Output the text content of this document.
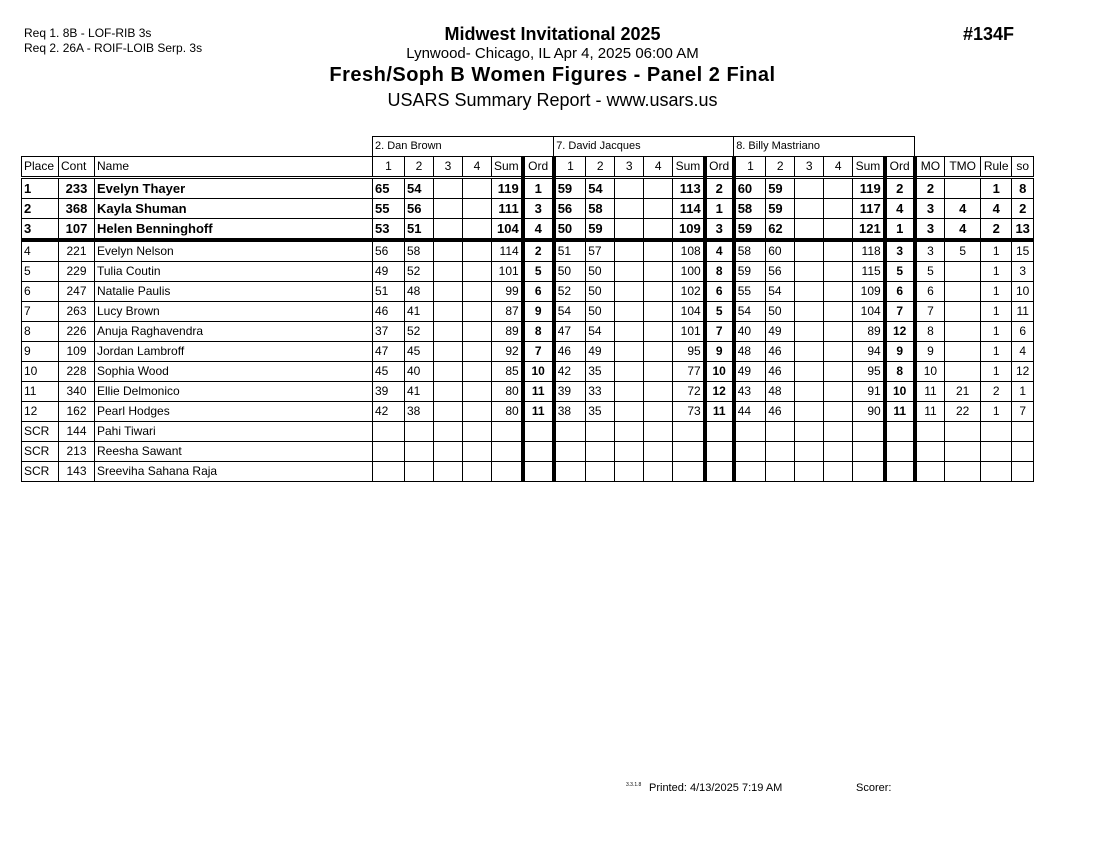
Req 1. 8B - LOF-RIB 3s
Req 2. 26A - ROIF-LOIB Serp. 3s
Midwest Invitational 2025
Lynwood- Chicago, IL Apr 4, 2025 06:00 AM
Fresh/Soph B Women Figures - Panel 2 Final
USARS Summary Report - www.usars.us
#134F
			2. Dan Brown						7. David Jacques						8. Billy Mastriano									
Place	Cont	Name	1	2	3	4	Sum	Ord	1	2	3	4	Sum	Ord	1	2	3	4	Sum	Ord	MO	TMO	Rule	so
1	233	Evelyn Thayer	65	54			119	1	59	54			113	2	60	59			119	2	2		1	8
2	368	Kayla Shuman	55	56			111	3	56	58			114	1	58	59			117	4	3	4	4	2
3	107	Helen Benninghoff	53	51			104	4	50	59			109	3	59	62			121	1	3	4	2	13
4	221	Evelyn Nelson	56	58			114	2	51	57			108	4	58	60			118	3	3	5	1	15
5	229	Tulia Coutin	49	52			101	5	50	50			100	8	59	56			115	5	5		1	3
6	247	Natalie Paulis	51	48			99	6	52	50			102	6	55	54			109	6	6		1	10
7	263	Lucy Brown	46	41			87	9	54	50			104	5	54	50			104	7	7		1	11
8	226	Anuja Raghavendra	37	52			89	8	47	54			101	7	40	49			89	12	8		1	6
9	109	Jordan Lambroff	47	45			92	7	46	49			95	9	48	46			94	9	9		1	4
10	228	Sophia Wood	45	40			85	10	42	35			77	10	49	46			95	8	10		1	12
11	340	Ellie Delmonico	39	41			80	11	39	33			72	12	43	48			91	10	11	21	2	1
12	162	Pearl Hodges	42	38			80	11	38	35			73	11	44	46			90	11	11	22	1	7
SCR	144	Pahi Tiwari																						
SCR	213	Reesha Sawant																						
SCR	143	Sreeviha Sahana Raja																						
3.3.1.8 Printed: 4/13/2025 7:19 AM	Scorer:
